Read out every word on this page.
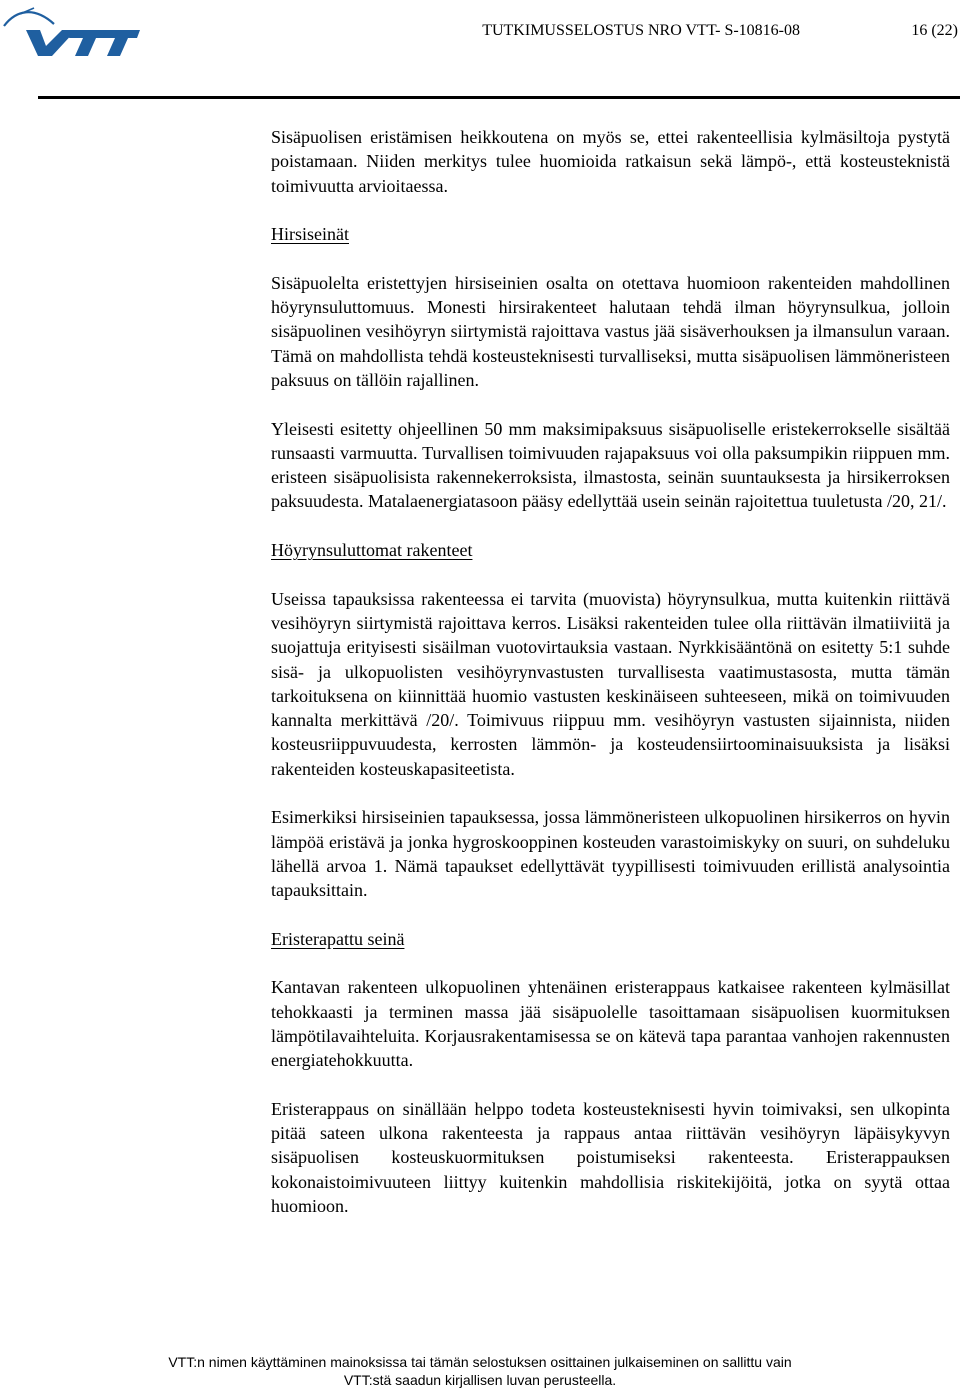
TUTKIMUSSELOSTUS NRO VTT- S-10816-08	16 (22)

Sisäpuolisen eristämisen heikkoutena on myös se, ettei rakenteellisia kylmäsiltoja pystytä poistamaan. Niiden merkitys tulee huomioida ratkaisun sekä lämpö-, että kosteusteknistä toimivuutta arvioitaessa.

Hirsiseinät

Sisäpuolelta eristettyjen hirsiseinien osalta on otettava huomioon rakenteiden mahdollinen höyrynsuluttomuus. Monesti hirsirakenteet halutaan tehdä ilman höyrynsulkua, jolloin sisäpuolinen vesihöyryn siirtymistä rajoittava vastus jää sisäverhouksen ja ilmansulun varaan. Tämä on mahdollista tehdä kosteusteknisesti turvalliseksi, mutta sisäpuolisen lämmöneristeen paksuus on tällöin rajallinen.

Yleisesti esitetty ohjeellinen 50 mm maksimipaksuus sisäpuoliselle eristekerrokselle sisältää runsaasti varmuutta. Turvallisen toimivuuden rajapaksuus voi olla paksumpikin riippuen mm. eristeen sisäpuolisista rakennekerroksista, ilmastosta, seinän suuntauksesta ja hirsikerroksen paksuudesta. Matalaenergiatasoon pääsy edellyttää usein seinän rajoitettua tuuletusta /20, 21/.

Höyrynsuluttomat rakenteet

Useissa tapauksissa rakenteessa ei tarvita (muovista) höyrynsulkua, mutta kuitenkin riittävä vesihöyryn siirtymistä rajoittava kerros. Lisäksi rakenteiden tulee olla riittävän ilmatiiviitä ja suojattuja erityisesti sisäilman vuotovirtauksia vastaan. Nyrkkisääntönä on esitetty 5:1 suhde sisä- ja ulkopuolisten vesihöyrynvastusten turvallisesta vaatimustasosta, mutta tämän tarkoituksena on kiinnittää huomio vastusten keskinäiseen suhteeseen, mikä on toimivuuden kannalta merkittävä /20/. Toimivuus riippuu mm. vesihöyryn vastusten sijainnista, niiden kosteusriippuvuudesta, kerrosten lämmön- ja kosteudensiirtoominaisuuksista ja lisäksi rakenteiden kosteuskapasiteetista.

Esimerkiksi hirsiseinien tapauksessa, jossa lämmöneristeen ulkopuolinen hirsikerros on hyvin lämpöä eristävä ja jonka hygroskooppinen kosteuden varastoimiskyky on suuri, on suhdeluku lähellä arvoa 1. Nämä tapaukset edellyttävät tyypillisesti toimivuuden erillistä analysointia tapauksittain.

Eristerapattu seinä

Kantavan rakenteen ulkopuolinen yhtenäinen eristerappaus katkaisee rakenteen kylmäsillat tehokkaasti ja terminen massa jää sisäpuolelle tasoittamaan sisäpuolisen kuormituksen lämpötilavaihteluita. Korjausrakentamisessa se on kätevä tapa parantaa vanhojen rakennusten energiatehokkuutta.

Eristerappaus on sinällään helppo todeta kosteusteknisesti hyvin toimivaksi, sen ulkopinta pitää sateen ulkona rakenteesta ja rappaus antaa riittävän vesihöyryn läpäisykyvyn sisäpuolisen kosteuskuormituksen poistumiseksi rakenteesta. Eristerappauksen kokonaistoimivuuteen liittyy kuitenkin mahdollisia riskitekijöitä, jotka on syytä ottaa huomioon.

VTT:n nimen käyttäminen mainoksissa tai tämän selostuksen osittainen julkaiseminen on sallittu vain
VTT:stä saadun kirjallisen luvan perusteella.
